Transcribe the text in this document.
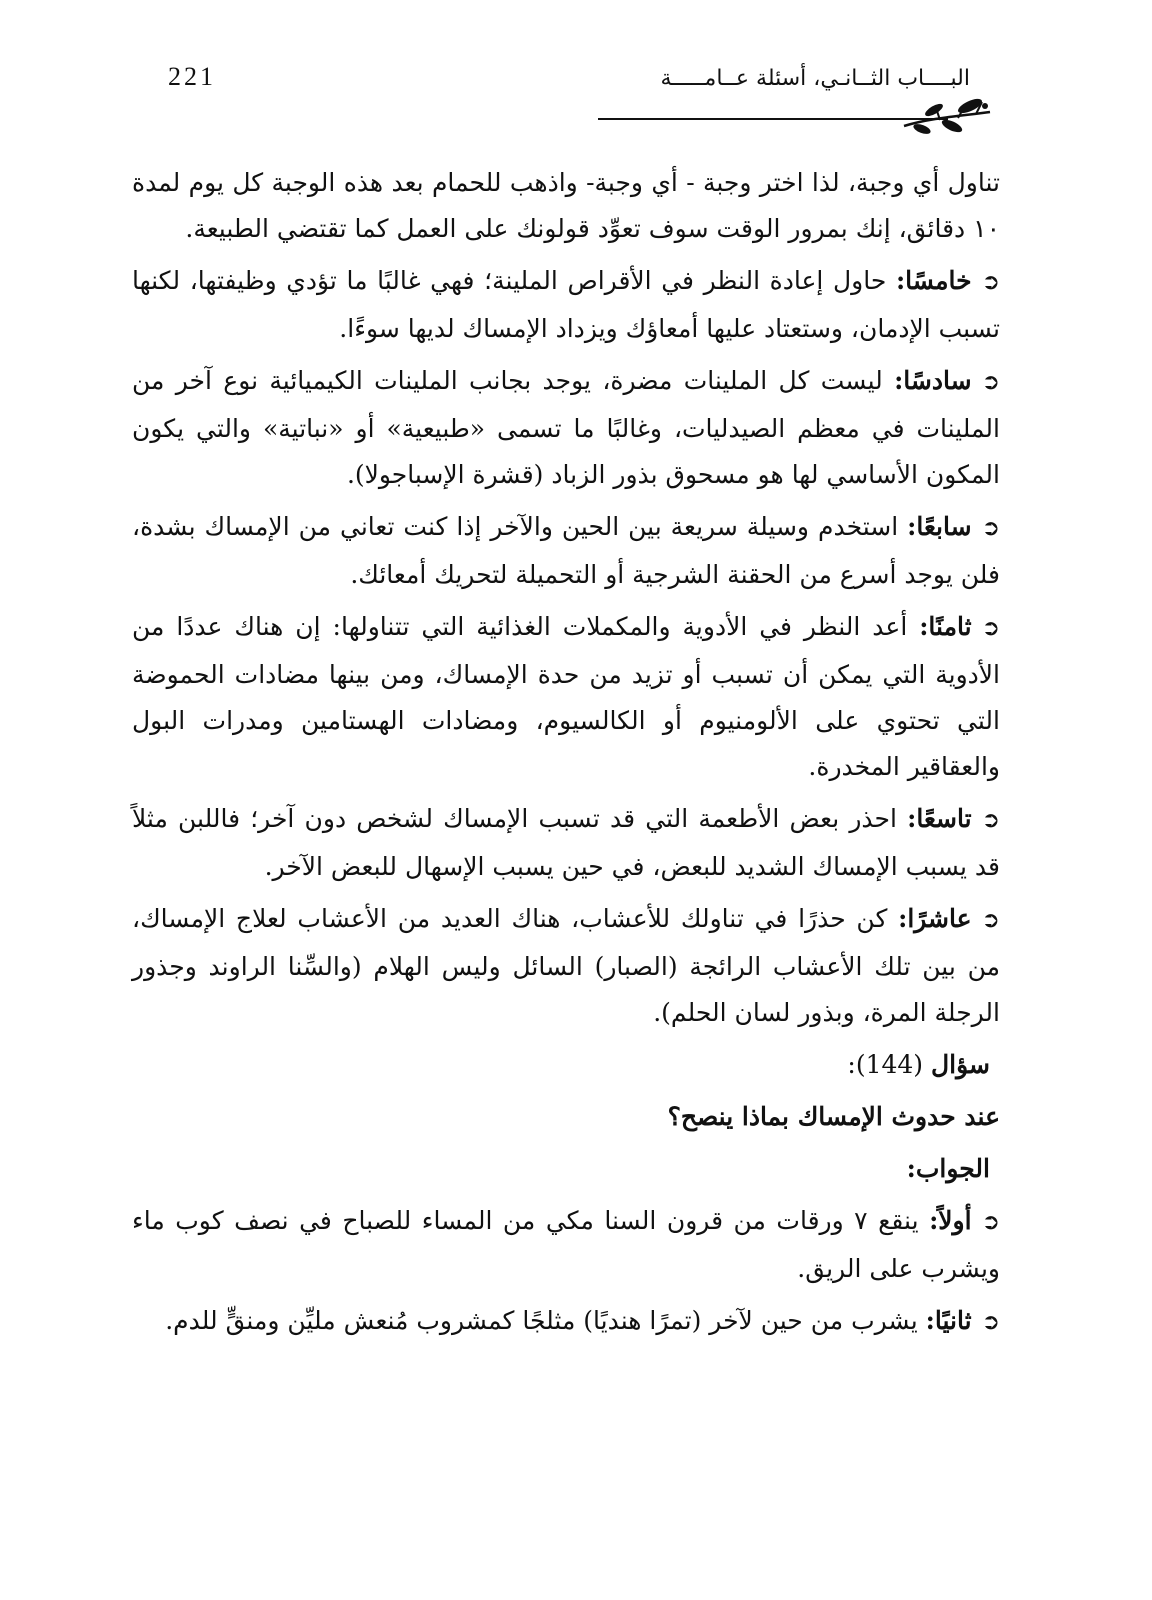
221	البــــاب الثــانـي، أسئلة عــامـــــة

تناول أي وجبة، لذا اختر وجبة - أي وجبة- واذهب للحمام بعد هذه الوجبة كل يوم لمدة ١٠ دقائق، إنك بمرور الوقت سوف تعوِّد قولونك على العمل كما تقتضي الطبيعة.

➲خامسًا: حاول إعادة النظر في الأقراص الملينة؛ فهي غالبًا ما تؤدي وظيفتها، لكنها تسبب الإدمان، وستعتاد عليها أمعاؤك ويزداد الإمساك لديها سوءًا.

➲سادسًا: ليست كل الملينات مضرة، يوجد بجانب الملينات الكيميائية نوع آخر من الملينات في معظم الصيدليات، وغالبًا ما تسمى «طبيعية» أو «نباتية» والتي يكون المكون الأساسي لها هو مسحوق بذور الزباد (قشرة الإسباجولا).

➲سابعًا: استخدم وسيلة سريعة بين الحين والآخر إذا كنت تعاني من الإمساك بشدة، فلن يوجد أسرع من الحقنة الشرجية أو التحميلة لتحريك أمعائك.

➲ثامنًا: أعد النظر في الأدوية والمكملات الغذائية التي تتناولها: إن هناك عددًا من الأدوية التي يمكن أن تسبب أو تزيد من حدة الإمساك، ومن بينها مضادات الحموضة التي تحتوي على الألومنيوم أو الكالسيوم، ومضادات الهستامين ومدرات البول والعقاقير المخدرة.

➲تاسعًا: احذر بعض الأطعمة التي قد تسبب الإمساك لشخص دون آخر؛ فاللبن مثلاً قد يسبب الإمساك الشديد للبعض، في حين يسبب الإسهال للبعض الآخر.

➲عاشرًا: كن حذرًا في تناولك للأعشاب، هناك العديد من الأعشاب لعلاج الإمساك، من بين تلك الأعشاب الرائجة (الصبار) السائل وليس الهلام (والسِّنا الراوند وجذور الرجلة المرة، وبذور لسان الحلم).

سؤال (144):

عند حدوث الإمساك بماذا ينصح؟

الجواب:

➲أولاً: ينقع ٧ ورقات من قرون السنا مكي من المساء للصباح في نصف كوب ماء ويشرب على الريق.

➲ثانيًا: يشرب من حين لآخر (تمرًا هنديًا) مثلجًا كمشروب مُنعش مليِّن ومنقٍّ للدم.
